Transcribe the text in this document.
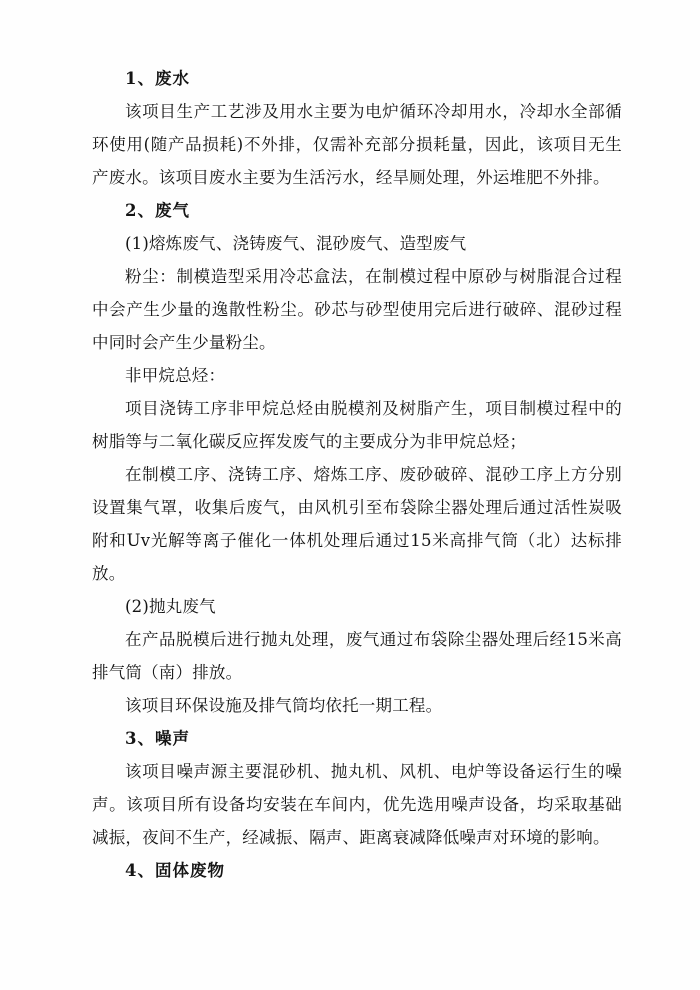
1、废水

该项目生产工艺涉及用水主要为电炉循环冷却用水，冷却水全部循环使用(随产品损耗)不外排，仅需补充部分损耗量，因此，该项目无生产废水。该项目废水主要为生活污水，经旱厕处理，外运堆肥不外排。

2、废气

(1)熔炼废气、浇铸废气、混砂废气、造型废气

粉尘：制模造型采用冷芯盒法，在制模过程中原砂与树脂混合过程中会产生少量的逸散性粉尘。砂芯与砂型使用完后进行破碎、混砂过程中同时会产生少量粉尘。

非甲烷总烃：

项目浇铸工序非甲烷总烃由脱模剂及树脂产生，项目制模过程中的树脂等与二氧化碳反应挥发废气的主要成分为非甲烷总烃；

在制模工序、浇铸工序、熔炼工序、废砂破碎、混砂工序上方分别设置集气罩，收集后废气，由风机引至布袋除尘器处理后通过活性炭吸附和Uv光解等离子催化一体机处理后通过15米高排气筒（北）达标排放。

(2)抛丸废气

在产品脱模后进行抛丸处理，废气通过布袋除尘器处理后经15米高排气筒（南）排放。

该项目环保设施及排气筒均依托一期工程。

3、噪声

该项目噪声源主要混砂机、抛丸机、风机、电炉等设备运行生的噪声。该项目所有设备均安装在车间内，优先选用噪声设备，均采取基础减振，夜间不生产，经减振、隔声、距离衰减降低噪声对环境的影响。

4、固体废物
